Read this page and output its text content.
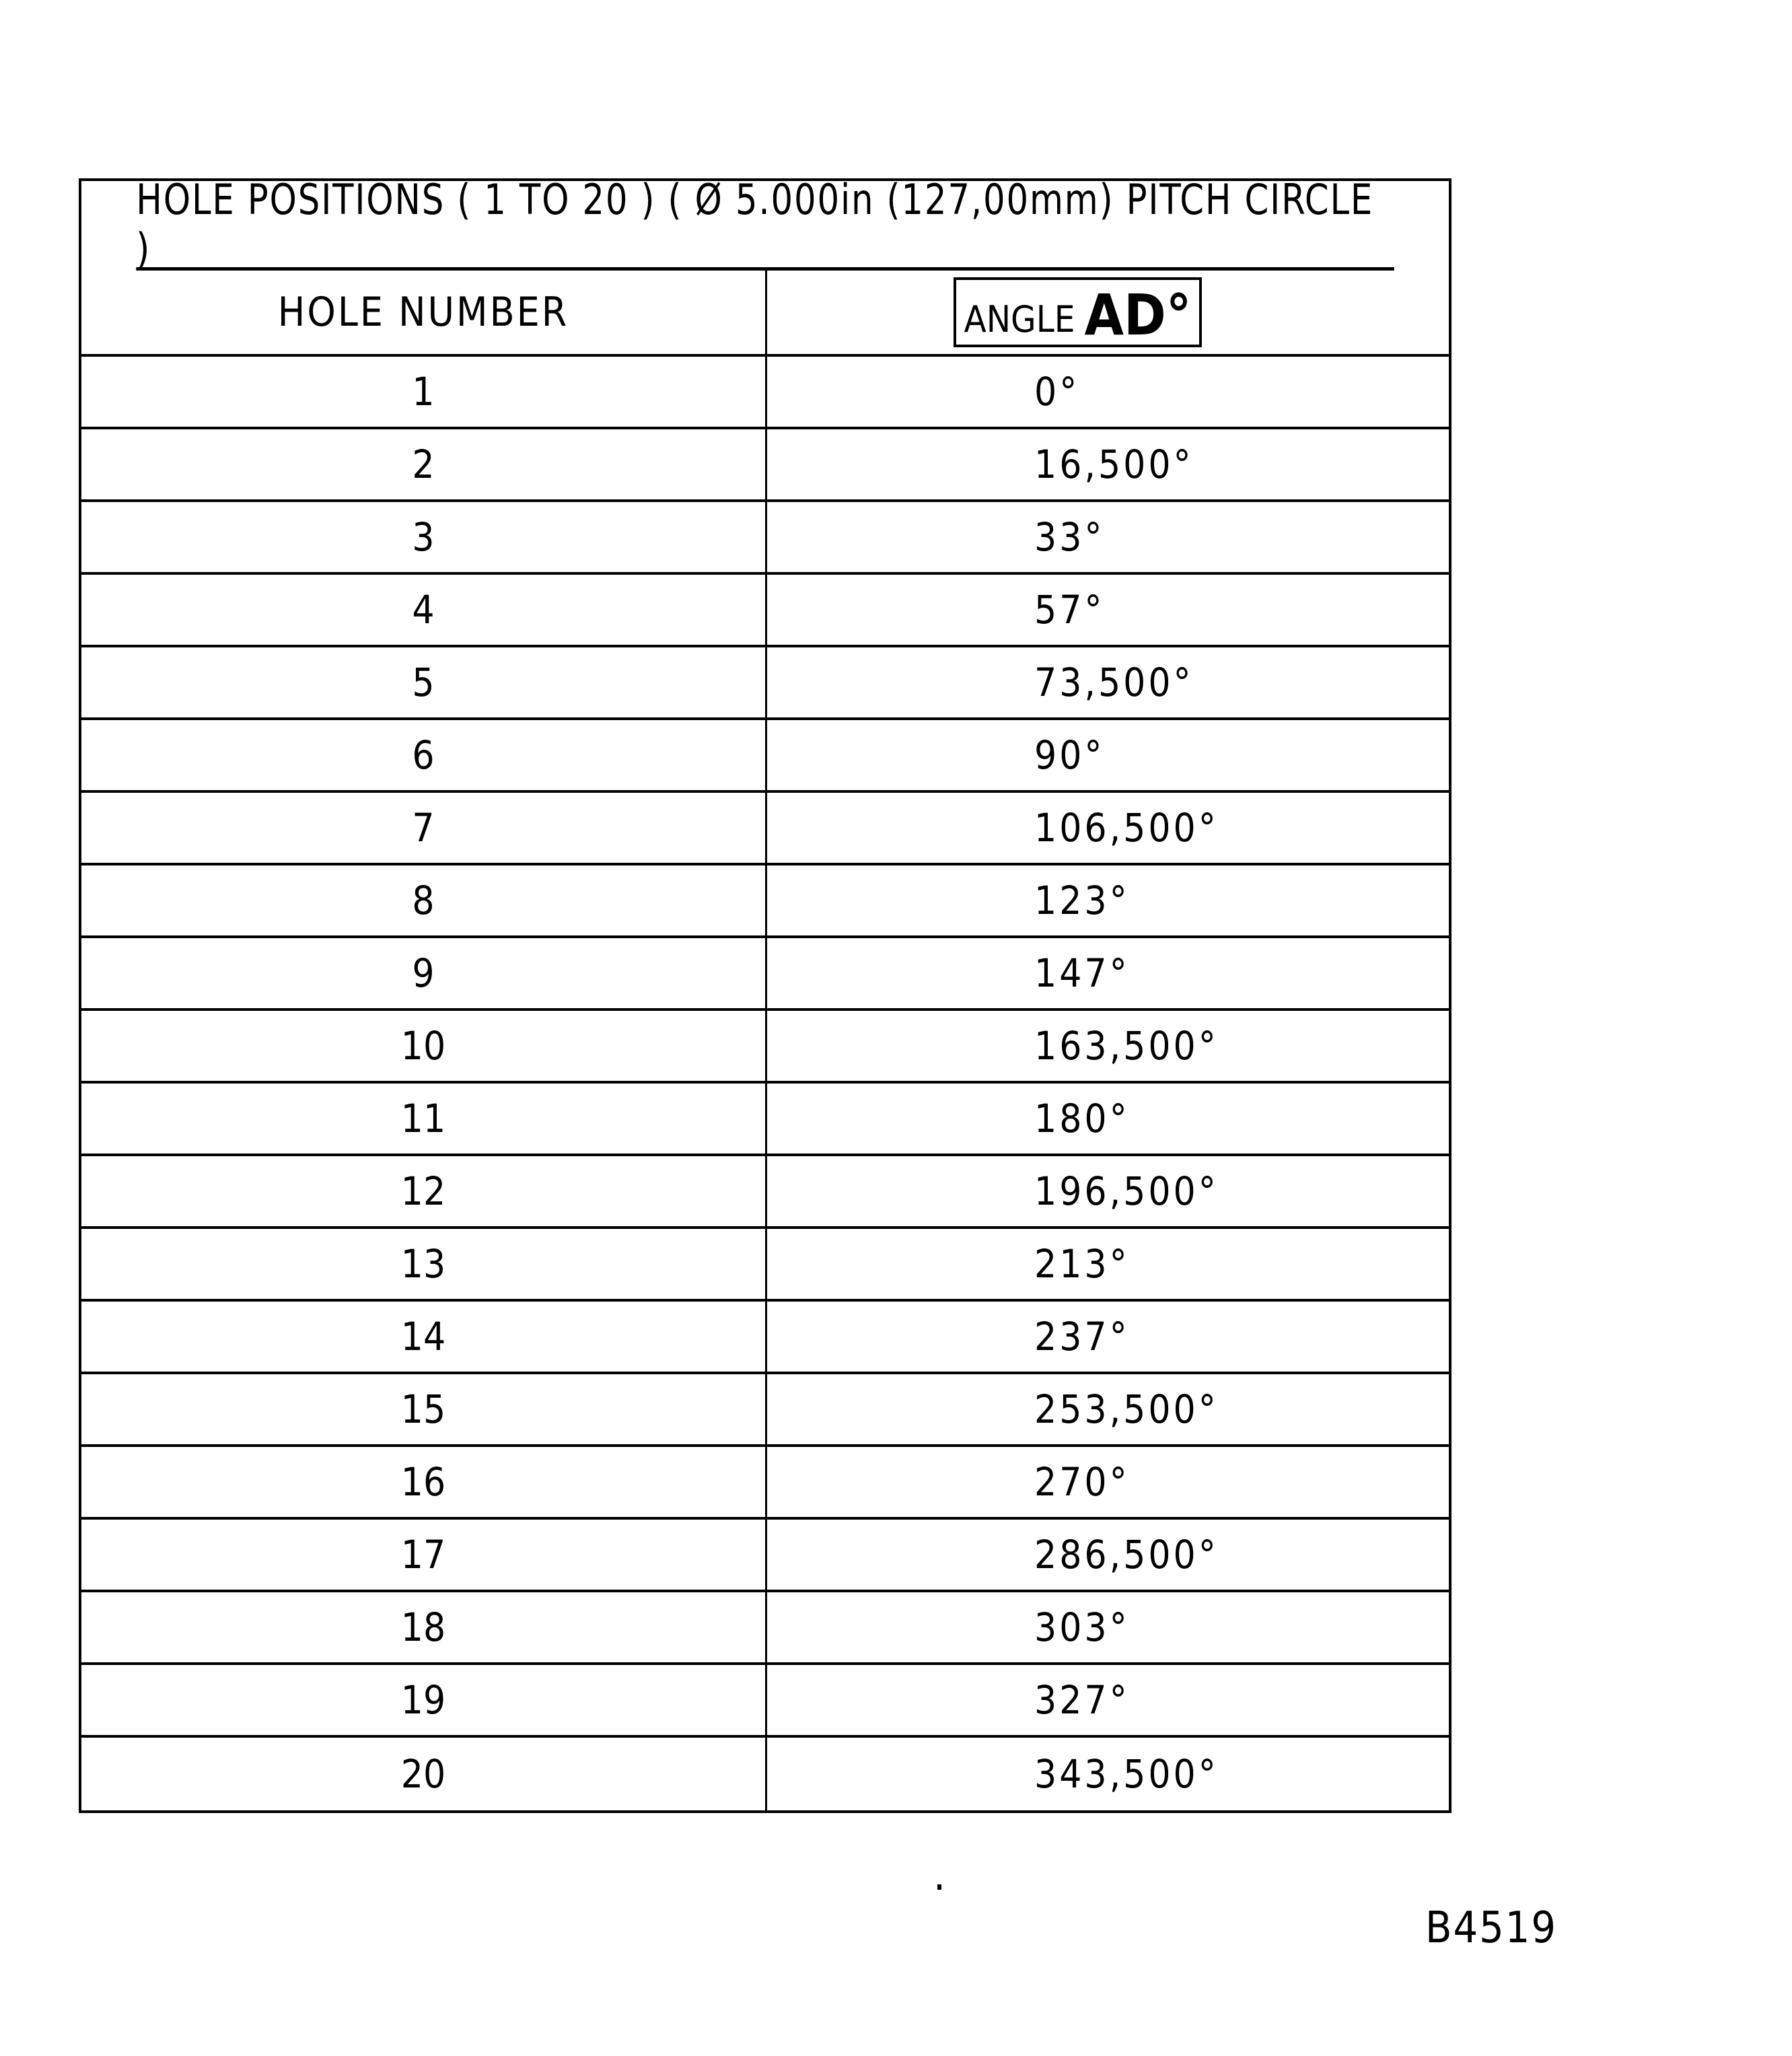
HOLE POSITIONS ( 1 TO 20 ) ( Ø 5.000in (127,00mm) PITCH CIRCLE )
HOLE NUMBER	ANGLE AD°
1	0°
2	16,500°
3	33°
4	57°
5	73,500°
6	90°
7	106,500°
8	123°
9	147°
10	163,500°
11	180°
12	196,500°
13	213°
14	237°
15	253,500°
16	270°
17	286,500°
18	303°
19	327°
20	343,500°
B4519
